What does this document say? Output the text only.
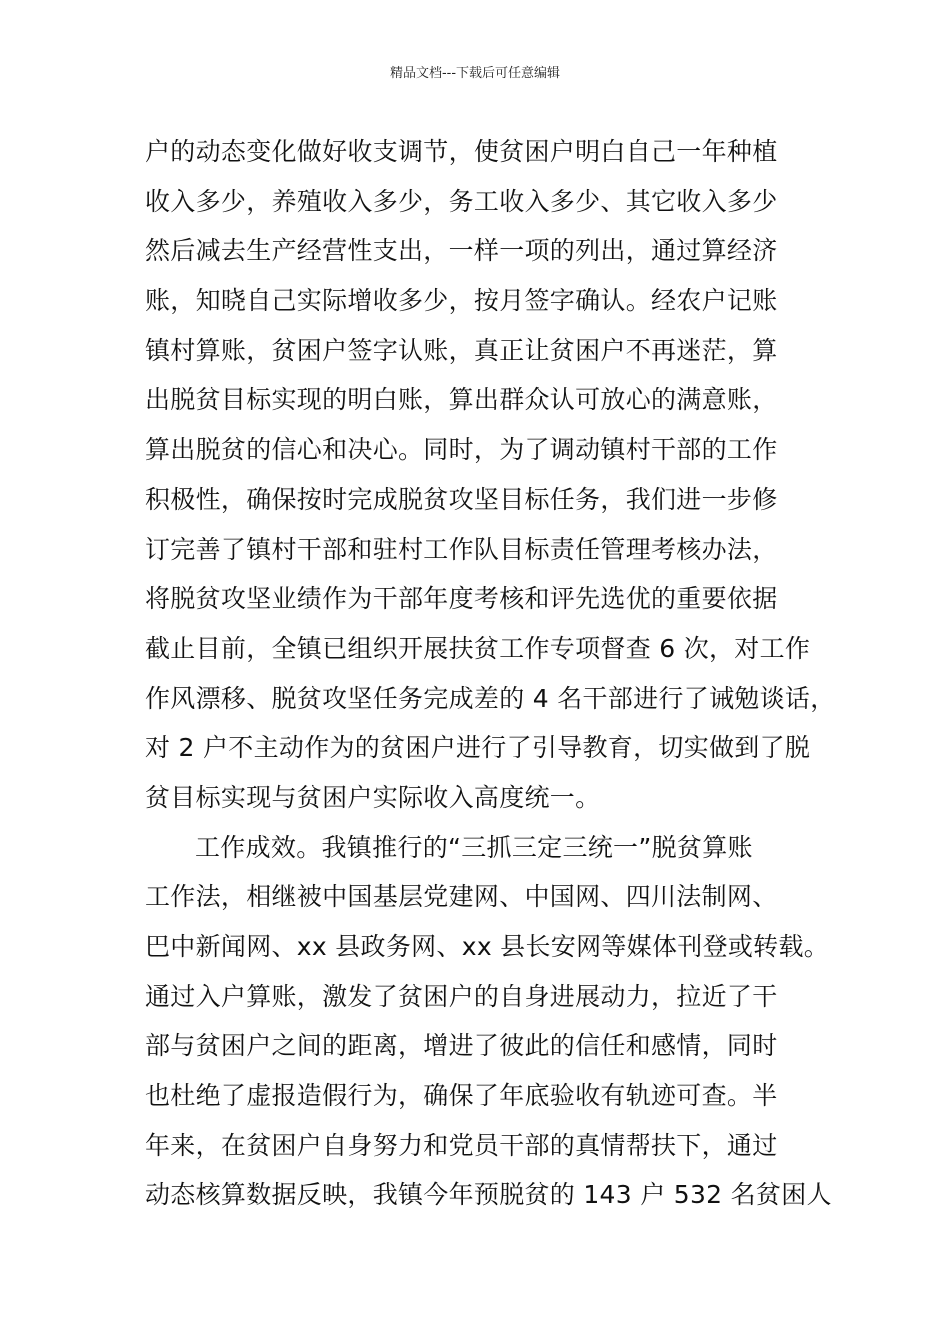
精品文档---下载后可任意编辑
户的动态变化做好收支调节，使贫困户明白自己一年种植
收入多少，养殖收入多少，务工收入多少、其它收入多少
然后减去生产经营性支出，一样一项的列出，通过算经济
账，知晓自己实际增收多少，按月签字确认。经农户记账
镇村算账，贫困户签字认账，真正让贫困户不再迷茫，算
出脱贫目标实现的明白账，算出群众认可放心的满意账，
算出脱贫的信心和决心。同时，为了调动镇村干部的工作
积极性，确保按时完成脱贫攻坚目标任务，我们进一步修
订完善了镇村干部和驻村工作队目标责任管理考核办法，
将脱贫攻坚业绩作为干部年度考核和评先选优的重要依据
截止目前，全镇已组织开展扶贫工作专项督查 6 次，对工作
作风漂移、脱贫攻坚任务完成差的 4 名干部进行了诫勉谈话，
对 2 户不主动作为的贫困户进行了引导教育，切实做到了脱
贫目标实现与贫困户实际收入高度统一。
工作成效。我镇推行的“三抓三定三统一”脱贫算账
工作法，相继被中国基层党建网、中国网、四川法制网、
巴中新闻网、xx 县政务网、xx 县长安网等媒体刊登或转载。
通过入户算账，激发了贫困户的自身进展动力，拉近了干
部与贫困户之间的距离，增进了彼此的信任和感情，同时
也杜绝了虚报造假行为，确保了年底验收有轨迹可查。半
年来，在贫困户自身努力和党员干部的真情帮扶下，通过
动态核算数据反映，我镇今年预脱贫的 143 户 532 名贫困人
